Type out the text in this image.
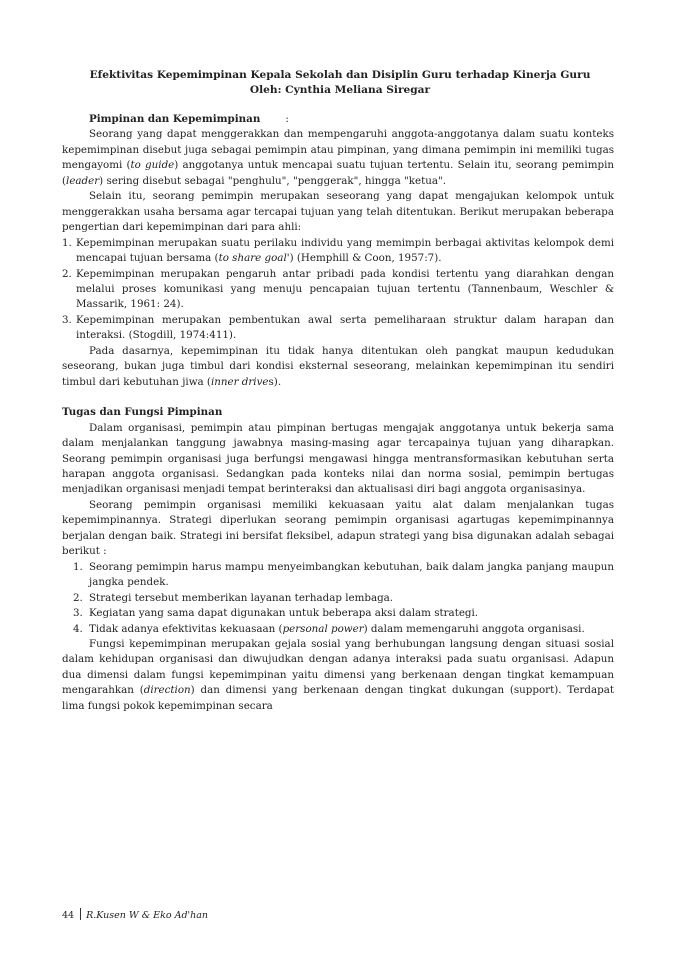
Efektivitas Kepemimpinan Kepala Sekolah dan Disiplin Guru terhadap Kinerja Guru
Oleh: Cynthia Meliana Siregar

Pimpinan dan Kepemimpinan :

Seorang yang dapat menggerakkan dan mempengaruhi anggota-anggotanya dalam suatu konteks kepemimpinan disebut juga sebagai pemimpin atau pimpinan, yang dimana pemimpin ini memiliki tugas mengayomi (to guide) anggotanya untuk mencapai suatu tujuan tertentu. Selain itu, seorang pemimpin (leader) sering disebut sebagai "penghulu", "penggerak", hingga "ketua".

Selain itu, seorang pemimpin merupakan seseorang yang dapat mengajukan kelompok untuk menggerakkan usaha bersama agar tercapai tujuan yang telah ditentukan. Berikut merupakan beberapa pengertian dari kepemimpinan dari para ahli:

1. Kepemimpinan merupakan suatu perilaku individu yang memimpin berbagai aktivitas kelompok demi mencapai tujuan bersama (to share goal') (Hemphill & Coon, 1957:7).
2. Kepemimpinan merupakan pengaruh antar pribadi pada kondisi tertentu yang diarahkan dengan melalui proses komunikasi yang menuju pencapaian tujuan tertentu (Tannenbaum, Weschler & Massarik, 1961: 24).
3. Kepemimpinan merupakan pembentukan awal serta pemeliharaan struktur dalam harapan dan interaksi. (Stogdill, 1974:411).

Pada dasarnya, kepemimpinan itu tidak hanya ditentukan oleh pangkat maupun kedudukan seseorang, bukan juga timbul dari kondisi eksternal seseorang, melainkan kepemimpinan itu sendiri timbul dari kebutuhan jiwa (inner drives).

Tugas dan Fungsi Pimpinan

Dalam organisasi, pemimpin atau pimpinan bertugas mengajak anggotanya untuk bekerja sama dalam menjalankan tanggung jawabnya masing-masing agar tercapainya tujuan yang diharapkan. Seorang pemimpin organisasi juga berfungsi mengawasi hingga mentransformasikan kebutuhan serta harapan anggota organisasi. Sedangkan pada konteks nilai dan norma sosial, pemimpin bertugas menjadikan organisasi menjadi tempat berinteraksi dan aktualisasi diri bagi anggota organisasinya.

Seorang pemimpin organisasi memiliki kekuasaan yaitu alat dalam menjalankan tugas kepemimpinannya. Strategi diperlukan seorang pemimpin organisasi agartugas kepemimpinannya berjalan dengan baik. Strategi ini bersifat fleksibel, adapun strategi yang bisa digunakan adalah sebagai berikut :

1. Seorang pemimpin harus mampu menyeimbangkan kebutuhan, baik dalam jangka panjang maupun jangka pendek.
2. Strategi tersebut memberikan layanan terhadap lembaga.
3. Kegiatan yang sama dapat digunakan untuk beberapa aksi dalam strategi.
4. Tidak adanya efektivitas kekuasaan (personal power) dalam memengaruhi anggota organisasi.

Fungsi kepemimpinan merupakan gejala sosial yang berhubungan langsung dengan situasi sosial dalam kehidupan organisasi dan diwujudkan dengan adanya interaksi pada suatu organisasi. Adapun dua dimensi dalam fungsi kepemimpinan yaitu dimensi yang berkenaan dengan tingkat kemampuan mengarahkan (direction) dan dimensi yang berkenaan dengan tingkat dukungan (support). Terdapat lima fungsi pokok kepemimpinan secara

44 R.Kusen W & Eko Ad'han
